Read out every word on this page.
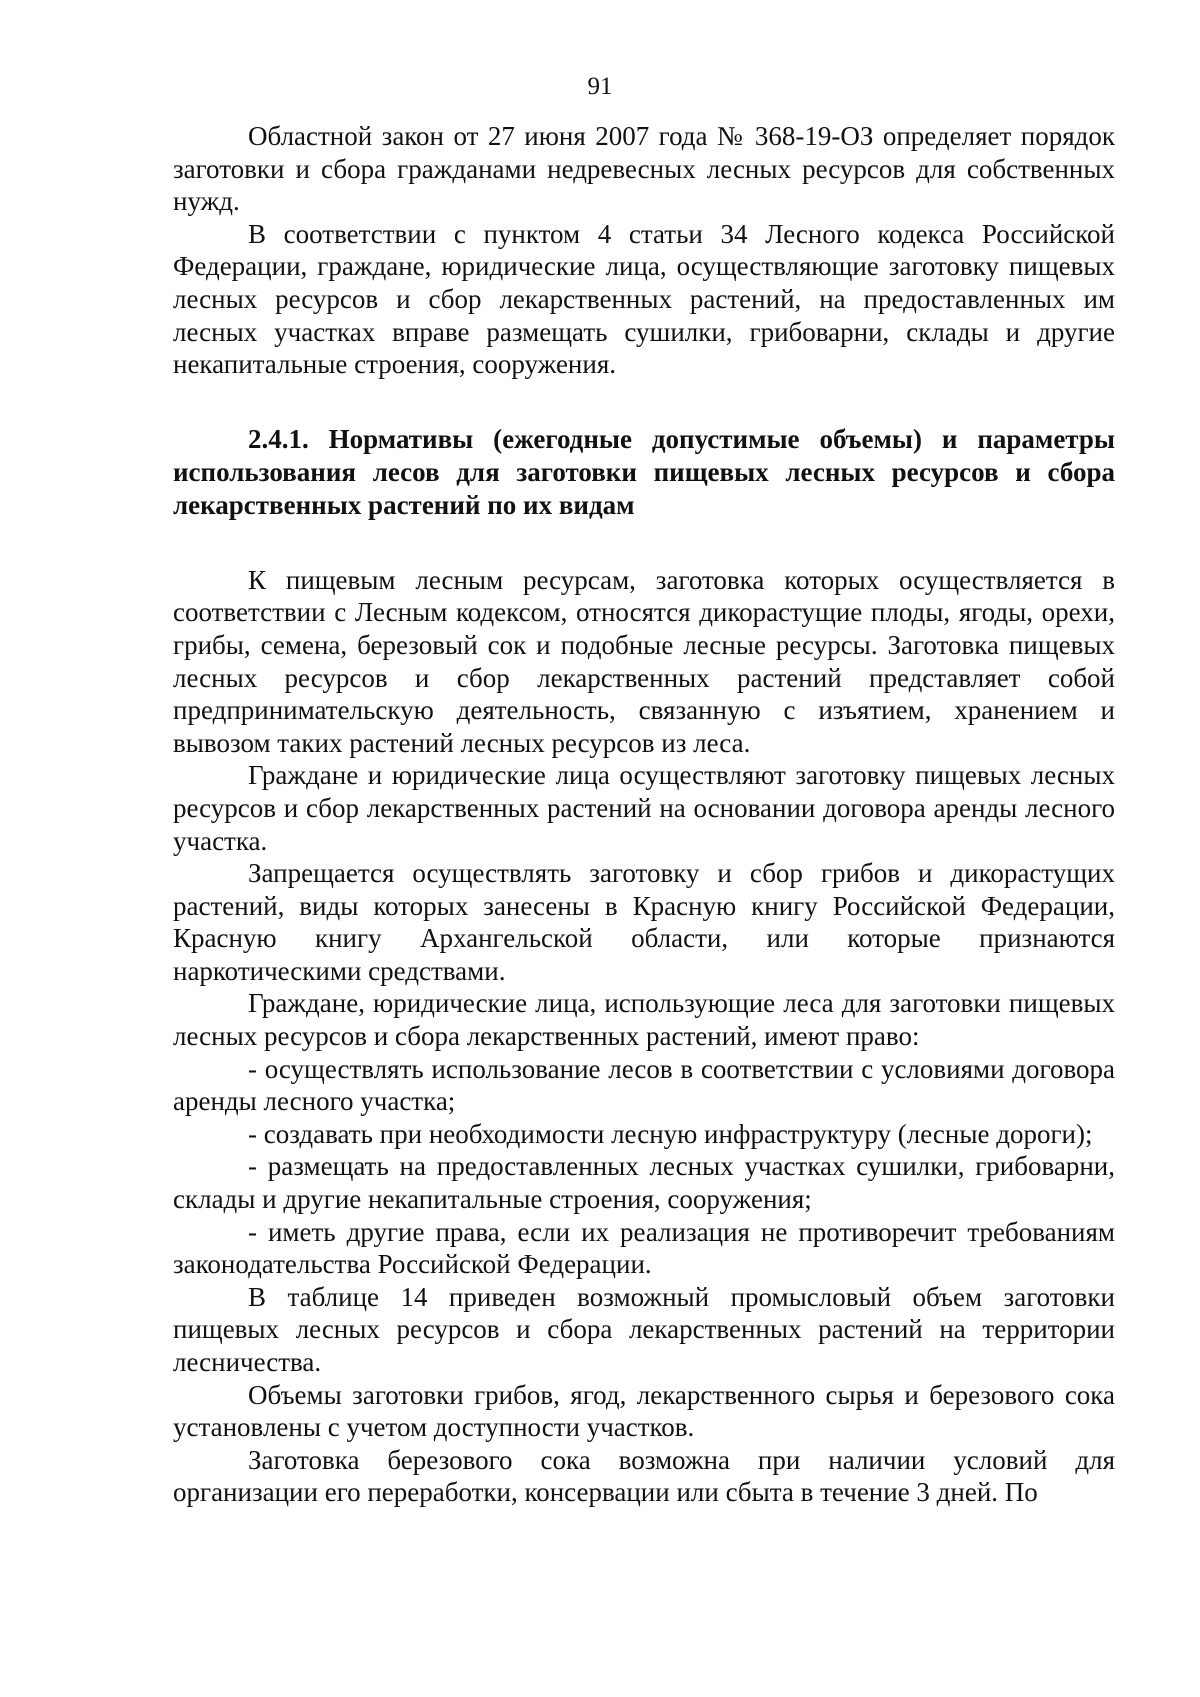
91

Областной закон от 27 июня 2007 года № 368-19-ОЗ определяет порядок заготовки и сбора гражданами недревесных лесных ресурсов для собственных нужд.

В соответствии с пунктом 4 статьи 34 Лесного кодекса Российской Федерации, граждане, юридические лица, осуществляющие заготовку пищевых лесных ресурсов и сбор лекарственных растений, на предоставленных им лесных участках вправе размещать сушилки, грибоварни, склады и другие некапитальные строения, сооружения.

2.4.1. Нормативы (ежегодные допустимые объемы) и параметры использования лесов для заготовки пищевых лесных ресурсов и сбора лекарственных растений по их видам

К пищевым лесным ресурсам, заготовка которых осуществляется в соответствии с Лесным кодексом, относятся дикорастущие плоды, ягоды, орехи, грибы, семена, березовый сок и подобные лесные ресурсы. Заготовка пищевых лесных ресурсов и сбор лекарственных растений представляет собой предпринимательскую деятельность, связанную с изъятием, хранением и вывозом таких растений лесных ресурсов из леса.

Граждане и юридические лица осуществляют заготовку пищевых лесных ресурсов и сбор лекарственных растений на основании договора аренды лесного участка.

Запрещается осуществлять заготовку и сбор грибов и дикорастущих растений, виды которых занесены в Красную книгу Российской Федерации, Красную книгу Архангельской области, или которые признаются наркотическими средствами.

Граждане, юридические лица, использующие леса для заготовки пищевых лесных ресурсов и сбора лекарственных растений, имеют право:

- осуществлять использование лесов в соответствии с условиями договора аренды лесного участка;

- создавать при необходимости лесную инфраструктуру (лесные дороги);

- размещать на предоставленных лесных участках сушилки, грибоварни, склады и другие некапитальные строения, сооружения;

- иметь другие права, если их реализация не противоречит требованиям законодательства Российской Федерации.

В таблице 14 приведен возможный промысловый объем заготовки пищевых лесных ресурсов и сбора лекарственных растений на территории лесничества.

Объемы заготовки грибов, ягод, лекарственного сырья и березового сока установлены с учетом доступности участков.

Заготовка березового сока возможна при наличии условий для организации его переработки, консервации или сбыта в течение 3 дней. По
